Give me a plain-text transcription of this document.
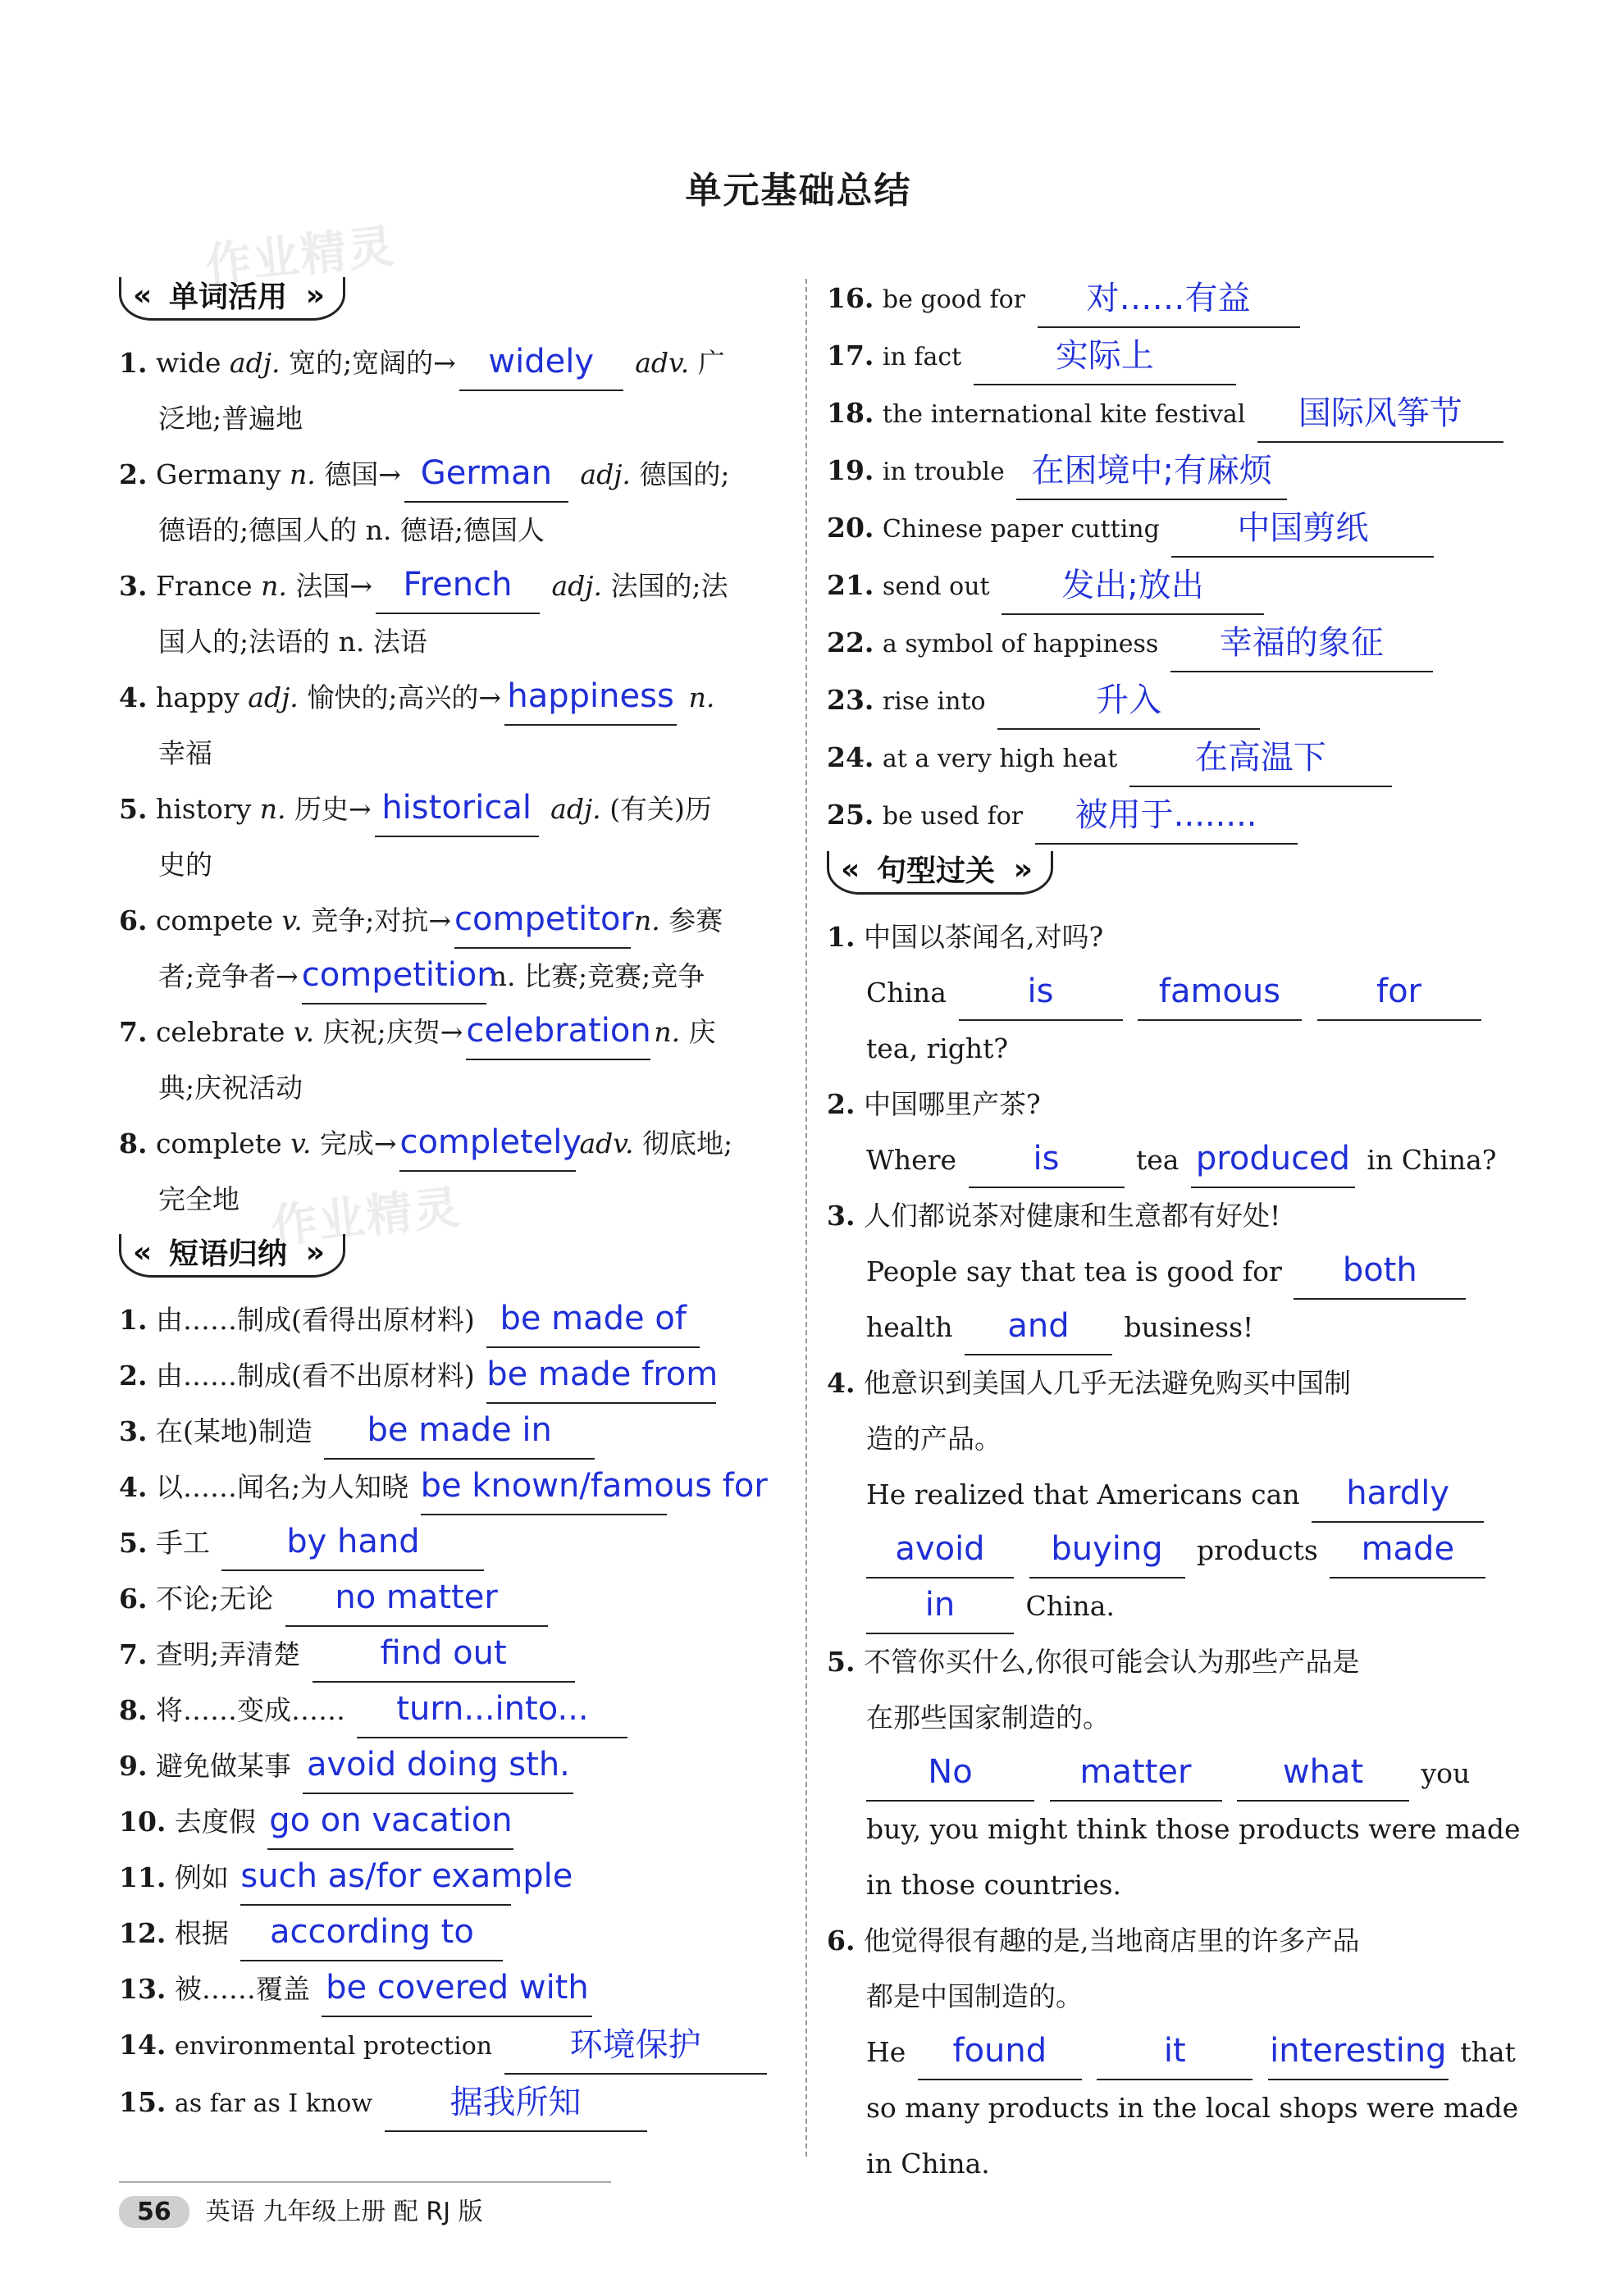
单元基础总结
作业精灵
作业精灵
« 单词活用 »
1. wide adj. 宽的;宽阔的→ widely	adv. 广
泛地;普遍地
2. Germany n. 德国→ German	adj. 德国的;
德语的;德国人的 n. 德语;德国人
3. France n. 法国→ French	adj. 法国的;法
国人的;法语的 n. 法语
4. happy adj. 愉快的;高兴的→ happiness n.
幸福
5. history n. 历史→ historical adj. (有关)历
史的
6. compete v. 竞争;对抗→ competitor n. 参赛
者;竞争者→ competition
n. 比赛;竞赛;竞争
7. celebrate v. 庆祝;庆贺→ celebration n. 庆
典;庆祝活动
8. complete v. 完成→ completely
adv. 彻底地;
完全地
« 短语归纳 »
1. 由……制成(看得出原材料) be made of
2. 由……制成(看不出原材料) be made from
3. 在(某地)制造	be made in
4. 以……闻名;为人知晓 be known/famous for
5. 手工	by hand
6. 不论;无论	no matter
7. 查明;弄清楚	find out
8. 将……变成……	turn...into...
9. 避免做某事 avoid doing sth.
10. 去度假 go on vacation
11. 例如 such as/for example
12. 根据	according to
13. 被……覆盖 be covered with
14. environmental protection	环境保护
15. as far as I know	据我所知
16. be good for	对……有益
17. in fact	实际上
18. the international kite festival	国际风筝节
19. in trouble 在困境中;有麻烦
20. Chinese paper cutting	中国剪纸
21. send out	发出;放出
22. a symbol of happiness	幸福的象征
23. rise into	升入
24. at a very high heat	在高温下
25. be used for	被用于........
« 句型过关 »
1. 中国以茶闻名,对吗?
China	is
	famous
	for
tea, right?
2. 中国哪里产茶?
Where	is	tea produced in China?
3. 人们都说茶对健康和生意都有好处!
People say that tea is good for	both
health	and	business!
4. 他意识到美国人几乎无法避免购买中国制
造的产品。
He realized that Americans can	hardly
avoid
	buying	products	made
in	China.
5. 不管你买什么,你很可能会认为那些产品是
在那些国家制造的。
No
	matter
	what	you
buy, you might think those products were made
in those countries.
6. 他觉得很有趣的是,当地商店里的许多产品
都是中国制造的。
He	found
	it
	interesting that
so many products in the local shops were made
in China.
56 英语 九年级上册 配 RJ 版
